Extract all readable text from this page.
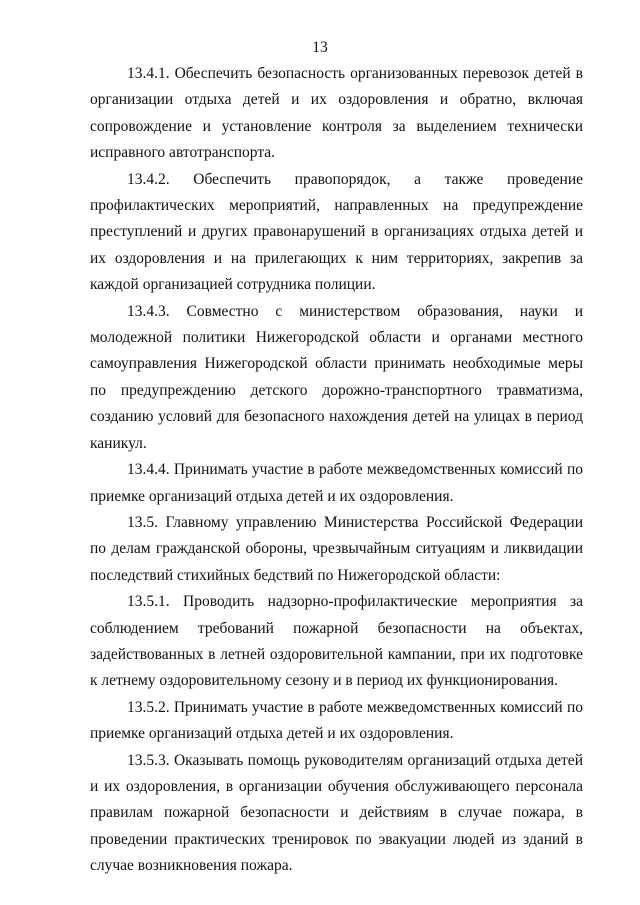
13

13.4.1. Обеспечить безопасность организованных перевозок детей в организации отдыха детей и их оздоровления и обратно, включая сопровождение и установление контроля за выделением технически исправного автотранспорта.

13.4.2. Обеспечить правопорядок, а также проведение профилактических мероприятий, направленных на предупреждение преступлений и других правонарушений в организациях отдыха детей и их оздоровления и на прилегающих к ним территориях, закрепив за каждой организацией сотрудника полиции.

13.4.3. Совместно с министерством образования, науки и молодежной политики Нижегородской области и органами местного самоуправления Нижегородской области принимать необходимые меры по предупреждению детского дорожно-транспортного травматизма, созданию условий для безопасного нахождения детей на улицах в период каникул.

13.4.4. Принимать участие в работе межведомственных комиссий по приемке организаций отдыха детей и их оздоровления.

13.5. Главному управлению Министерства Российской Федерации по делам гражданской обороны, чрезвычайным ситуациям и ликвидации последствий стихийных бедствий по Нижегородской области:

13.5.1. Проводить надзорно-профилактические мероприятия за соблюдением требований пожарной безопасности на объектах, задействованных в летней оздоровительной кампании, при их подготовке к летнему оздоровительному сезону и в период их функционирования.

13.5.2. Принимать участие в работе межведомственных комиссий по приемке организаций отдыха детей и их оздоровления.

13.5.3. Оказывать помощь руководителям организаций отдыха детей и их оздоровления, в организации обучения обслуживающего персонала правилам пожарной безопасности и действиям в случае пожара, в проведении практических тренировок по эвакуации людей из зданий в случае возникновения пожара.
